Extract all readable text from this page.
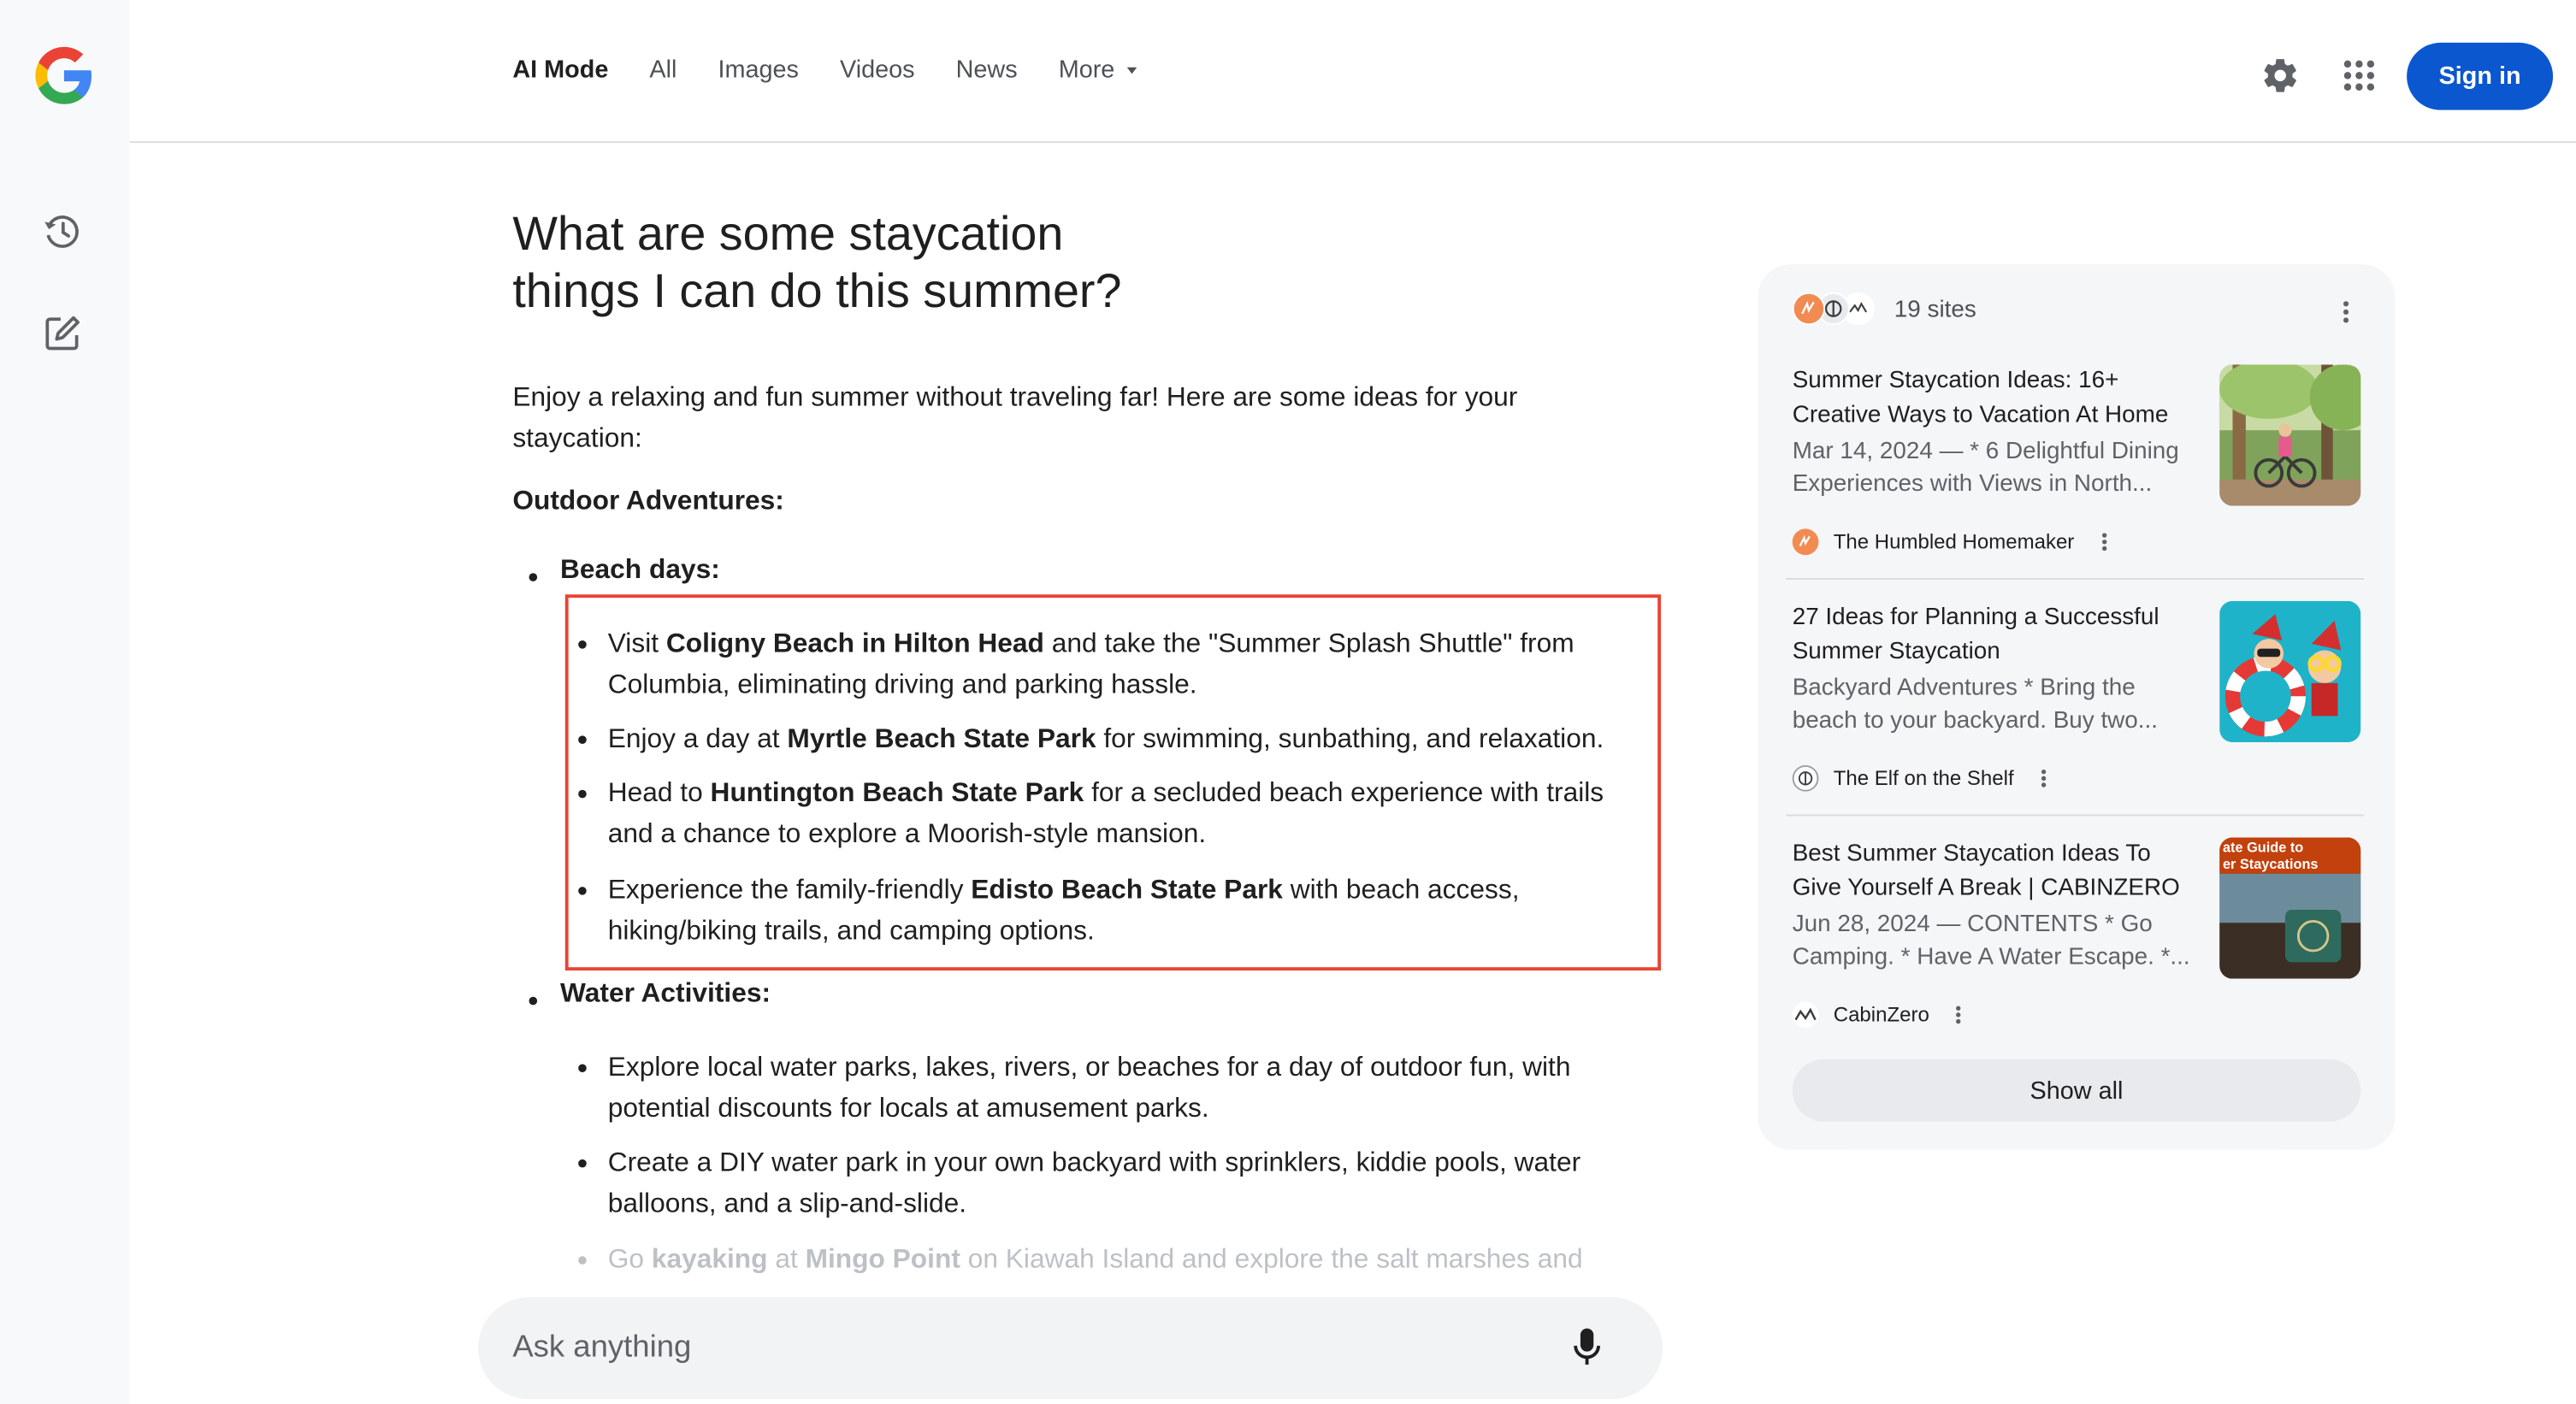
AI Mode	All	Images	Videos	News	More	Sign in
What are some staycation things I can do this summer?

Enjoy a relaxing and fun summer without traveling far! Here are some ideas for your staycation:

Outdoor Adventures:
Beach days:
Visit Coligny Beach in Hilton Head and take the "Summer Splash Shuttle" from Columbia, eliminating driving and parking hassle.
Enjoy a day at Myrtle Beach State Park for swimming, sunbathing, and relaxation.
Head to Huntington Beach State Park for a secluded beach experience with trails and a chance to explore a Moorish-style mansion.
Experience the family-friendly Edisto Beach State Park with beach access, hiking/biking trails, and camping options.
Water Activities:
Explore local water parks, lakes, rivers, or beaches for a day of outdoor fun, with potential discounts for locals at amusement parks.
Create a DIY water park in your own backyard with sprinklers, kiddie pools, water balloons, and a slip-and-slide.
Go kayaking at Mingo Point on Kiawah Island and explore the salt marshes and
Ask anything
19 sites
Summer Staycation Ideas: 16+ Creative Ways to Vacation At Home
Mar 14, 2024 — * 6 Delightful Dining Experiences with Views in North...
The Humbled Homemaker
27 Ideas for Planning a Successful Summer Staycation
Backyard Adventures * Bring the beach to your backyard. Buy two...
The Elf on the Shelf
Best Summer Staycation Ideas To Give Yourself A Break | CABINZERO
Jun 28, 2024 — CONTENTS * Go Camping. * Have A Water Escape. *...
CabinZero
ate Guide to
er Staycations
Show all
